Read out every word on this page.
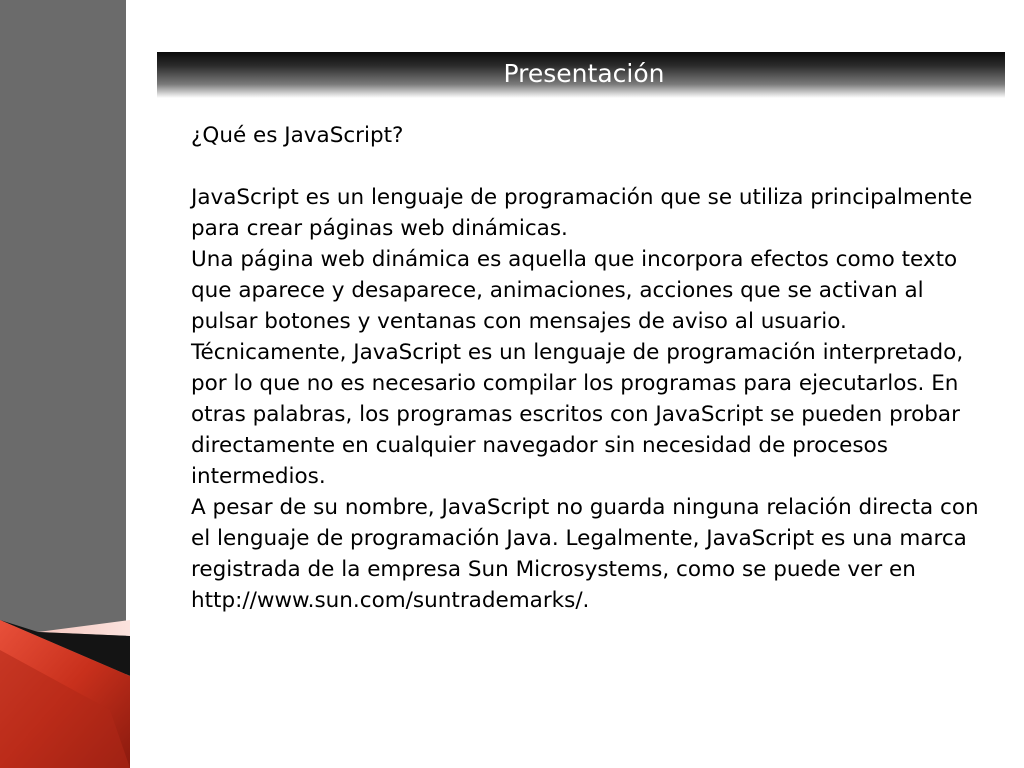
Presentación

¿Qué es JavaScript?

JavaScript es un lenguaje de programación que se utiliza principalmente para crear páginas web dinámicas.

Una página web dinámica es aquella que incorpora efectos como texto que aparece y desaparece, animaciones, acciones que se activan al pulsar botones y ventanas con mensajes de aviso al usuario.

Técnicamente, JavaScript es un lenguaje de programación interpretado, por lo que no es necesario compilar los programas para ejecutarlos. En otras palabras, los programas escritos con JavaScript se pueden probar directamente en cualquier navegador sin necesidad de procesos intermedios.

A pesar de su nombre, JavaScript no guarda ninguna relación directa con el lenguaje de programación Java. Legalmente, JavaScript es una marca registrada de la empresa Sun Microsystems, como se puede ver en http://www.sun.com/suntrademarks/.
